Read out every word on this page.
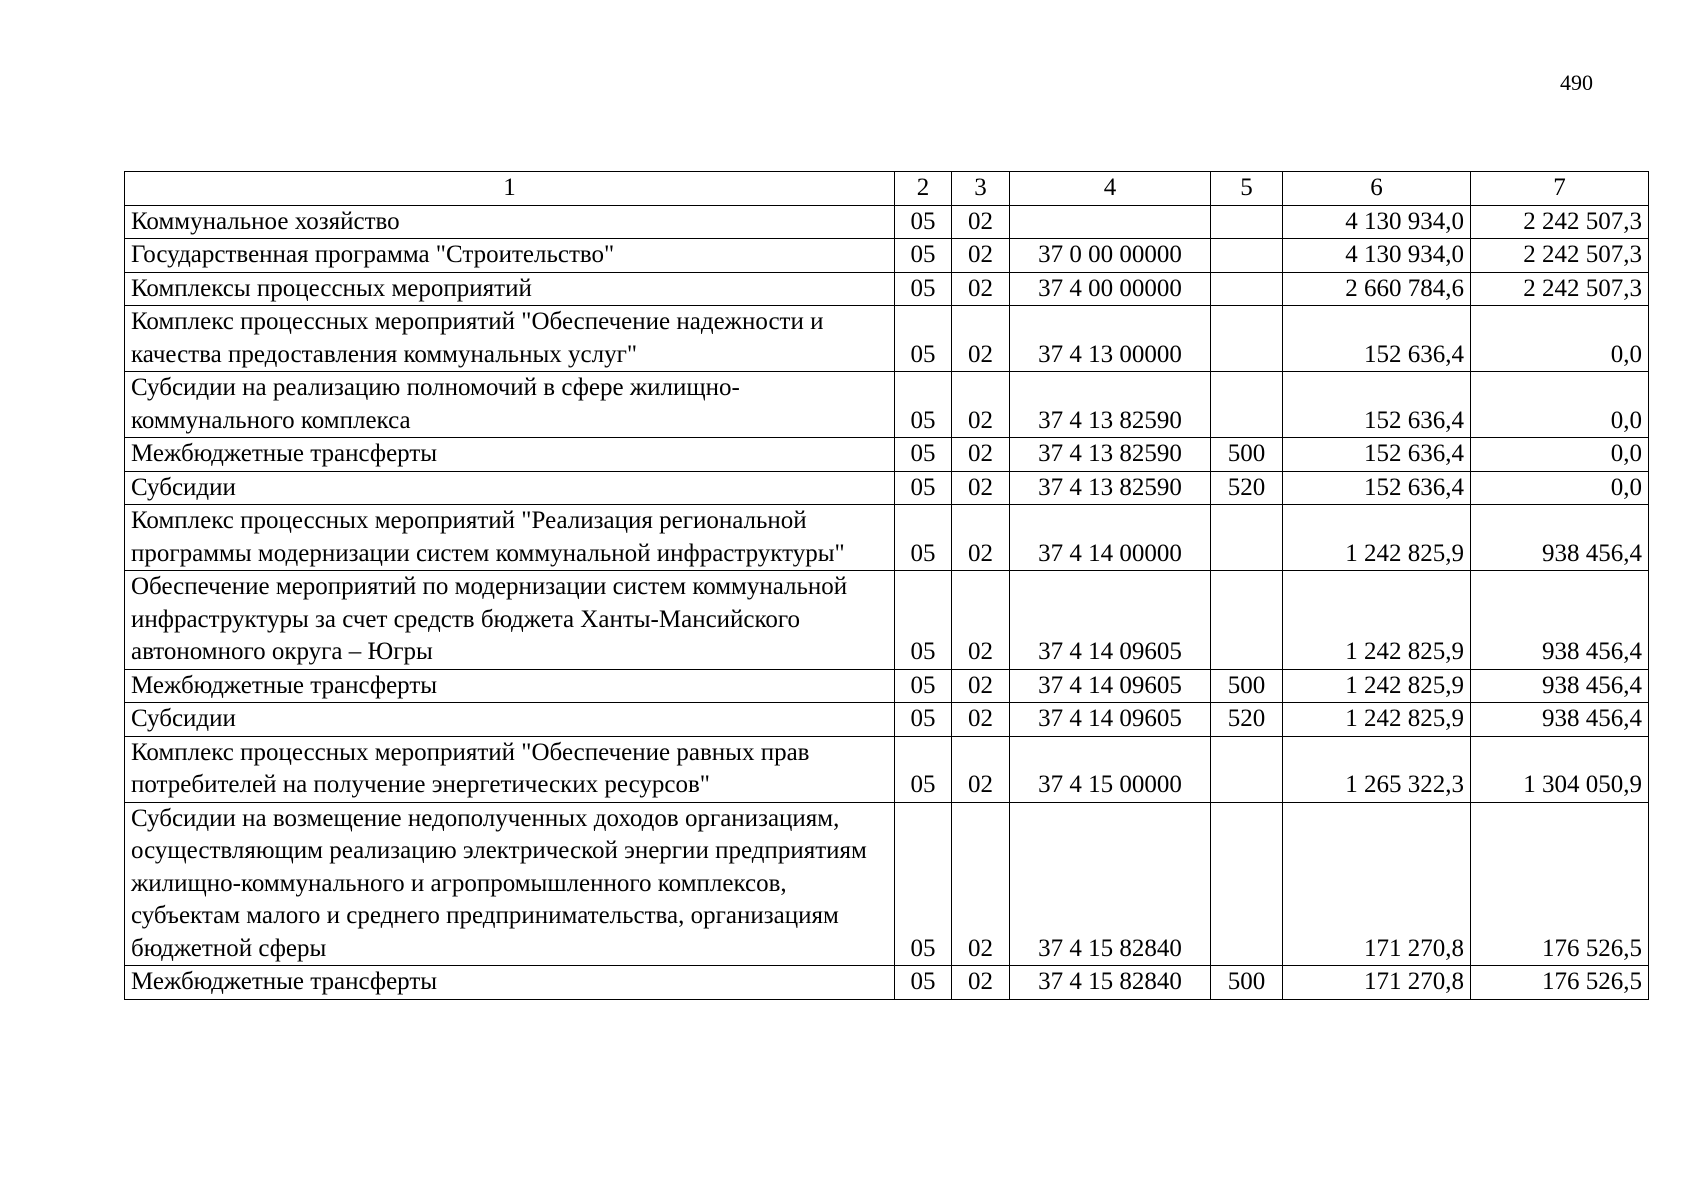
490
1	2	3	4	5	6	7
Коммунальное хозяйство	05	02			4 130 934,0	2 242 507,3
Государственная программа "Строительство"	05	02	37 0 00 00000		4 130 934,0	2 242 507,3
Комплексы процессных мероприятий	05	02	37 4 00 00000		2 660 784,6	2 242 507,3
Комплекс процессных мероприятий "Обеспечение надежности и качества предоставления коммунальных услуг"	05	02	37 4 13 00000		152 636,4	0,0
Субсидии на реализацию полномочий в сфере жилищно-коммунального комплекса	05	02	37 4 13 82590		152 636,4	0,0
Межбюджетные трансферты	05	02	37 4 13 82590	500	152 636,4	0,0
Субсидии	05	02	37 4 13 82590	520	152 636,4	0,0
Комплекс процессных мероприятий "Реализация региональной программы модернизации систем коммунальной инфраструктуры"	05	02	37 4 14 00000		1 242 825,9	938 456,4
Обеспечение мероприятий по модернизации систем коммунальной инфраструктуры за счет средств бюджета Ханты-Мансийского автономного округа – Югры	05	02	37 4 14 09605		1 242 825,9	938 456,4
Межбюджетные трансферты	05	02	37 4 14 09605	500	1 242 825,9	938 456,4
Субсидии	05	02	37 4 14 09605	520	1 242 825,9	938 456,4
Комплекс процессных мероприятий "Обеспечение равных прав потребителей на получение энергетических ресурсов"	05	02	37 4 15 00000		1 265 322,3	1 304 050,9
Субсидии на возмещение недополученных доходов организациям, осуществляющим реализацию электрической энергии предприятиям жилищно-коммунального и агропромышленного комплексов, субъектам малого и среднего предпринимательства, организациям бюджетной сферы	05	02	37 4 15 82840		171 270,8	176 526,5
Межбюджетные трансферты	05	02	37 4 15 82840	500	171 270,8	176 526,5
